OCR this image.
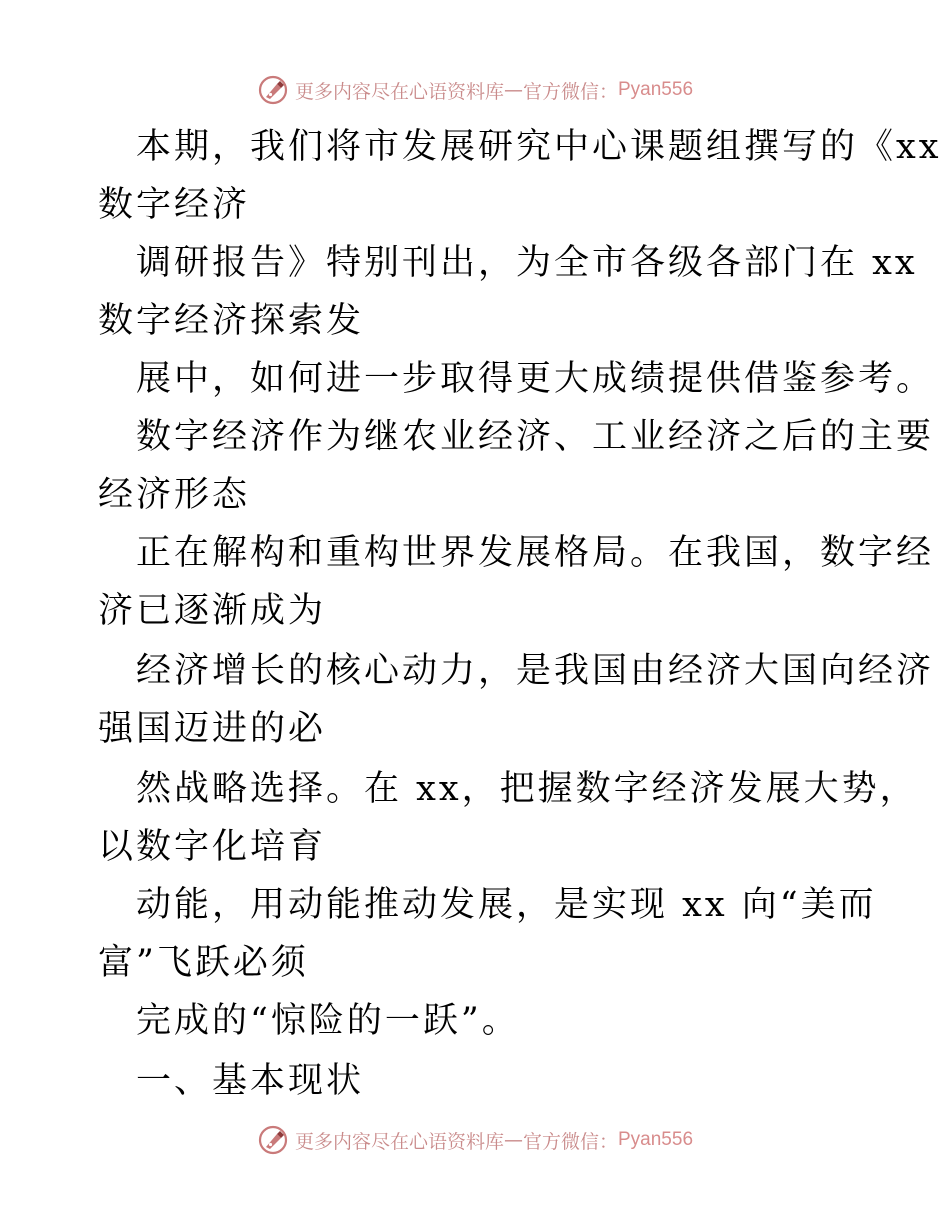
更多内容尽在心语资料库 — 官方微信： Pyan556
本期，我们将市发展研究中心课题组撰写的《xx
数字经济
调研报告》特别刊出，为全市各级各部门在 xx
数字经济探索发
展中，如何进一步取得更大成绩提供借鉴参考。
数字经济作为继农业经济、工业经济之后的主要
经济形态
正在解构和重构世界发展格局。在我国，数字经
济已逐渐成为
经济增长的核心动力，是我国由经济大国向经济
强国迈进的必
然战略选择。在 xx，把握数字经济发展大势，
以数字化培育
动能，用动能推动发展，是实现 xx 向“美而
富”飞跃必须
完成的“惊险的一跃”。
一、基本现状
更多内容尽在心语资料库 — 官方微信： Pyan556
